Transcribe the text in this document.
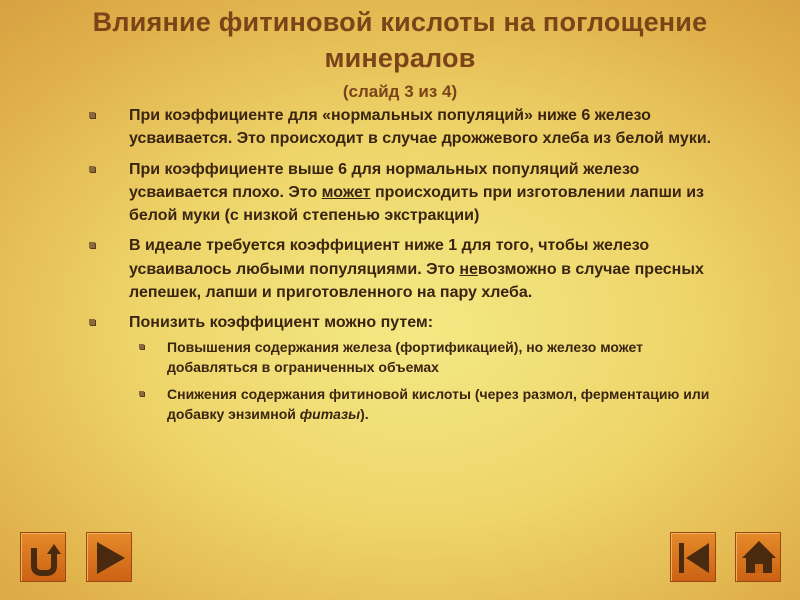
Влияние фитиновой кислоты на поглощение минералов
(слайд 3 из 4)
При коэффициенте для «нормальных популяций» ниже 6 железо усваивается. Это происходит в случае дрожжевого хлеба из белой муки.
При коэффициенте выше 6 для нормальных популяций железо усваивается плохо. Это может происходить при изготовлении лапши из белой муки (с низкой степенью экстракции)
В идеале требуется коэффициент ниже 1 для того, чтобы железо усваивалось любыми популяциями. Это невозможно в случае пресных лепешек, лапши и приготовленного на пару хлеба.
Понизить коэффициент можно путем:
Повышения содержания железа (фортификацией), но железо может добавляться в ограниченных объемах
Снижения содержания фитиновой кислоты (через размол, ферментацию или добавку энзимной фитазы).
